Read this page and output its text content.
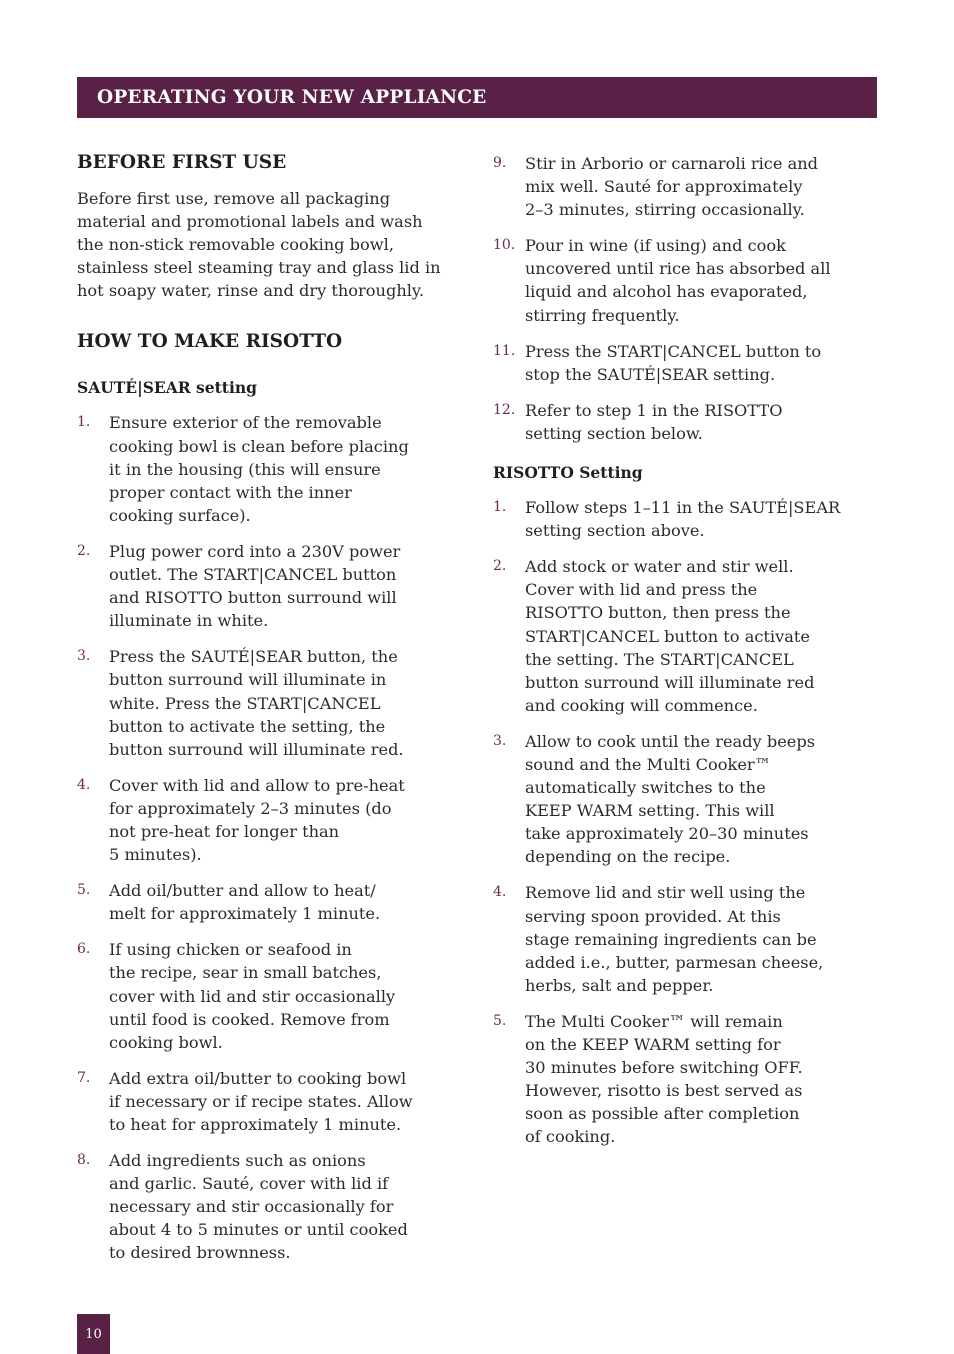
OPERATING YOUR NEW APPLIANCE
BEFORE FIRST USE

Before first use, remove all packaging
material and promotional labels and wash
the non-stick removable cooking bowl,
stainless steel steaming tray and glass lid in
hot soapy water, rinse and dry thoroughly.

HOW TO MAKE RISOTTO
SAUTÉ|SEAR setting
1.	Ensure exterior of the removable
cooking bowl is clean before placing
it in the housing (this will ensure
proper contact with the inner
cooking surface).
2.	Plug power cord into a 230V power
outlet. The START|CANCEL button
and RISOTTO button surround will
illuminate in white.
3.	Press the SAUTÉ|SEAR button, the
button surround will illuminate in
white. Press the START|CANCEL
button to activate the setting, the
button surround will illuminate red.
4.	Cover with lid and allow to pre-heat
for approximately 2–3 minutes (do
not pre-heat for longer than
5 minutes).
5.	Add oil/butter and allow to heat/
melt for approximately 1 minute.
6.	If using chicken or seafood in
the recipe, sear in small batches,
cover with lid and stir occasionally
until food is cooked. Remove from
cooking bowl.
7.	Add extra oil/butter to cooking bowl
if necessary or if recipe states. Allow
to heat for approximately 1 minute.
8.	Add ingredients such as onions
and garlic. Sauté, cover with lid if
necessary and stir occasionally for
about 4 to 5 minutes or until cooked
to desired brownness.
9.	Stir in Arborio or carnaroli rice and
mix well. Sauté for approximately
2–3 minutes, stirring occasionally.
10. Pour in wine (if using) and cook
uncovered until rice has absorbed all
liquid and alcohol has evaporated,
stirring frequently.
11. Press the START|CANCEL button to
stop the SAUTÉ|SEAR setting.
12. Refer to step 1 in the RISOTTO
setting section below.
RISOTTO Setting
1.	Follow steps 1–11 in the SAUTÉ|SEAR
setting section above.
2.	Add stock or water and stir well.
Cover with lid and press the
RISOTTO button, then press the
START|CANCEL button to activate
the setting. The START|CANCEL
button surround will illuminate red
and cooking will commence.
3.	Allow to cook until the ready beeps
sound and the Multi Cooker™
automatically switches to the
KEEP WARM setting. This will
take approximately 20–30 minutes
depending on the recipe.
4.	Remove lid and stir well using the
serving spoon provided. At this
stage remaining ingredients can be
added i.e., butter, parmesan cheese,
herbs, salt and pepper.
5.	The Multi Cooker™ will remain
on the KEEP WARM setting for
30 minutes before switching OFF.
However, risotto is best served as
soon as possible after completion
of cooking.
10
